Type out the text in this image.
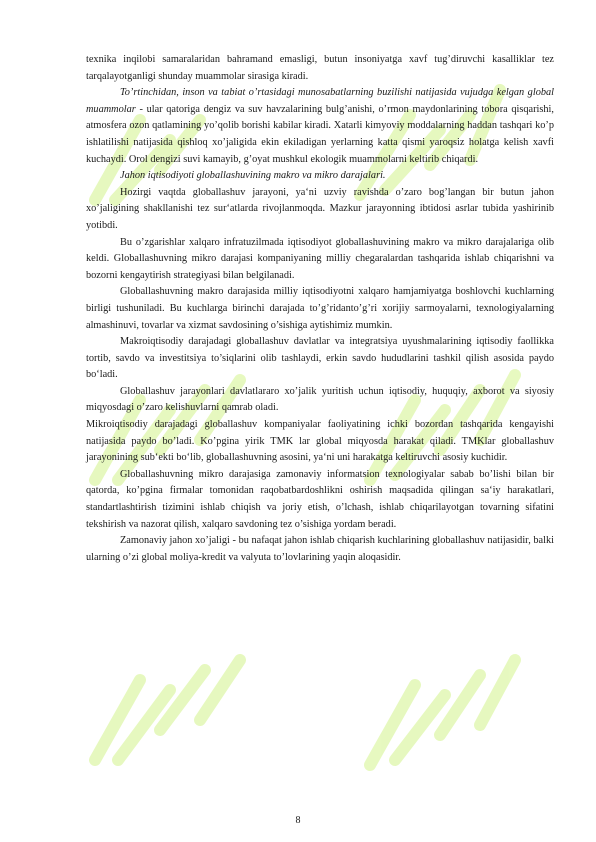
texnika inqilobi samaralaridan bahramand emasligi, butun insoniyatga xavf tug’diruvchi kasalliklar tez tarqalayotganligi shunday muammolar sirasiga kiradi.

To’rtinchidan, inson va tabiat o’rtasidagi munosabatlarning buzilishi natijasida vujudga kelgan global muammolar - ular qatoriga dengiz va suv havzalarining bulg’anishi, o’rmon maydonlarining tobora qisqarishi, atmosfera ozon qatlamining yo’qolib borishi kabilar kiradi. Xatarli kimyoviy moddalarning haddan tashqari ko’p ishlatilishi natijasida qishloq xo’jaligida ekin ekiladigan yerlarning katta qismi yaroqsiz holatga kelish xavfi kuchaydi. Orol dengizi suvi kamayib, g’oyat mushkul ekologik muammolarni keltirib chiqardi.

Jahon iqtisodiyoti globallashuvining makro va mikro darajalari.

Hozirgi vaqtda globallashuv jarayoni, ya‘ni uzviy ravishda o’zaro bog’langan bir butun jahon xo’jaligining shakllanishi tez sur‘atlarda rivojlanmoqda. Mazkur jarayonning ibtidosi asrlar tubida yashirinib yotibdi.

Bu o’zgarishlar xalqaro infratuzilmada iqtisodiyot globallashuvining makro va mikro darajalariga olib keldi. Globallashuvning mikro darajasi kompaniyaning milliy chegaralardan tashqarida ishlab chiqarishni va bozorni kengaytirish strategiyasi bilan belgilanadi.

Globallashuvning makro darajasida milliy iqtisodiyotni xalqaro hamjamiyatga boshlovchi kuchlarning birligi tushuniladi. Bu kuchlarga birinchi darajada to’g’ridanto’g’ri xorijiy sarmoyalarni, texnologiyalarning almashinuvi, tovarlar va xizmat savdosining o’sishiga aytishimiz mumkin.

Makroiqtisodiy darajadagi globallashuv davlatlar va integratsiya uyushmalarining iqtisodiy faollikka tortib, savdo va investitsiya to’siqlarini olib tashlaydi, erkin savdo hududlarini tashkil qilish asosida paydo bo‘ladi.

Globallashuv jarayonlari davlatlararo xo’jalik yuritish uchun iqtisodiy, huquqiy, axborot va siyosiy miqyosdagi o’zaro kelishuvlarni qamrab oladi.

Mikroiqtisodiy darajadagi globallashuv kompaniyalar faoliyatining ichki bozordan tashqarida kengayishi natijasida paydo bo’ladi. Ko’pgina yirik TMK lar global miqyosda harakat qiladi. TMKlar globallashuv jarayonining sub‘ekti bo‘lib, globallashuvning asosini, ya‘ni uni harakatga keltiruvchi asosiy kuchidir.

Globallashuvning mikro darajasiga zamonaviy informatsion texnologiyalar sabab bo’lishi bilan bir qatorda, ko’pgina firmalar tomonidan raqobatbardoshlikni oshirish maqsadida qilingan sa‘iy harakatlari, standartlashtirish tizimini ishlab chiqish va joriy etish, o’lchash, ishlab chiqarilayotgan tovarning sifatini tekshirish va nazorat qilish, xalqaro savdoning tez o’sishiga yordam beradi.

Zamonaviy jahon xo’jaligi - bu nafaqat jahon ishlab chiqarish kuchlarining globallashuv natijasidir, balki ularning o’zi global moliya-kredit va valyuta to’lovlarining yaqin aloqasidir.

8
